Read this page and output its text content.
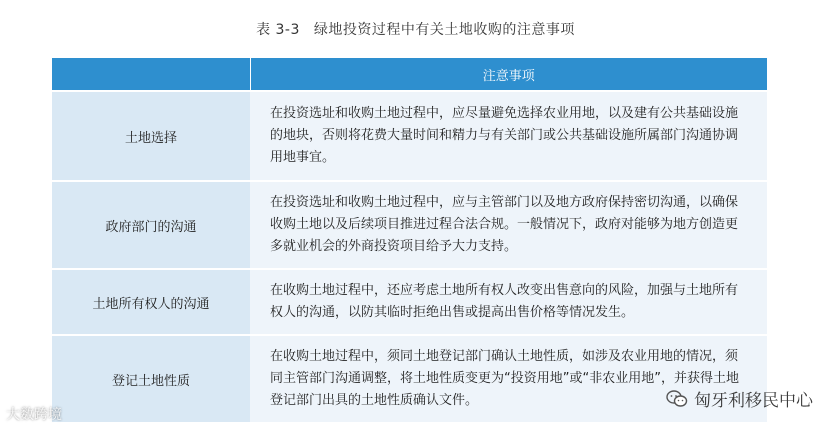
表 3-3 绿地投资过程中有关土地收购的注意事项
	注意事项
土地选择	在投资选址和收购土地过程中，应尽量避免选择农业用地，以及建有公共基础设施的地块，否则将花费大量时间和精力与有关部门或公共基础设施所属部门沟通协调用地事宜。
政府部门的沟通	在投资选址和收购土地过程中，应与主管部门以及地方政府保持密切沟通，以确保收购土地以及后续项目推进过程合法合规。一般情况下，政府对能够为地方创造更多就业机会的外商投资项目给予大力支持。
土地所有权人的沟通	在收购土地过程中，还应考虑土地所有权人改变出售意向的风险，加强与土地所有权人的沟通，以防其临时拒绝出售或提高出售价格等情况发生。
登记土地性质	在收购土地过程中，须同土地登记部门确认土地性质，如涉及农业用地的情况，须同主管部门沟通调整，将土地性质变更为“投资用地”或“非农业用地”，并获得土地登记部门出具的土地性质确认文件。
大数跨境
匈牙利移民中心
